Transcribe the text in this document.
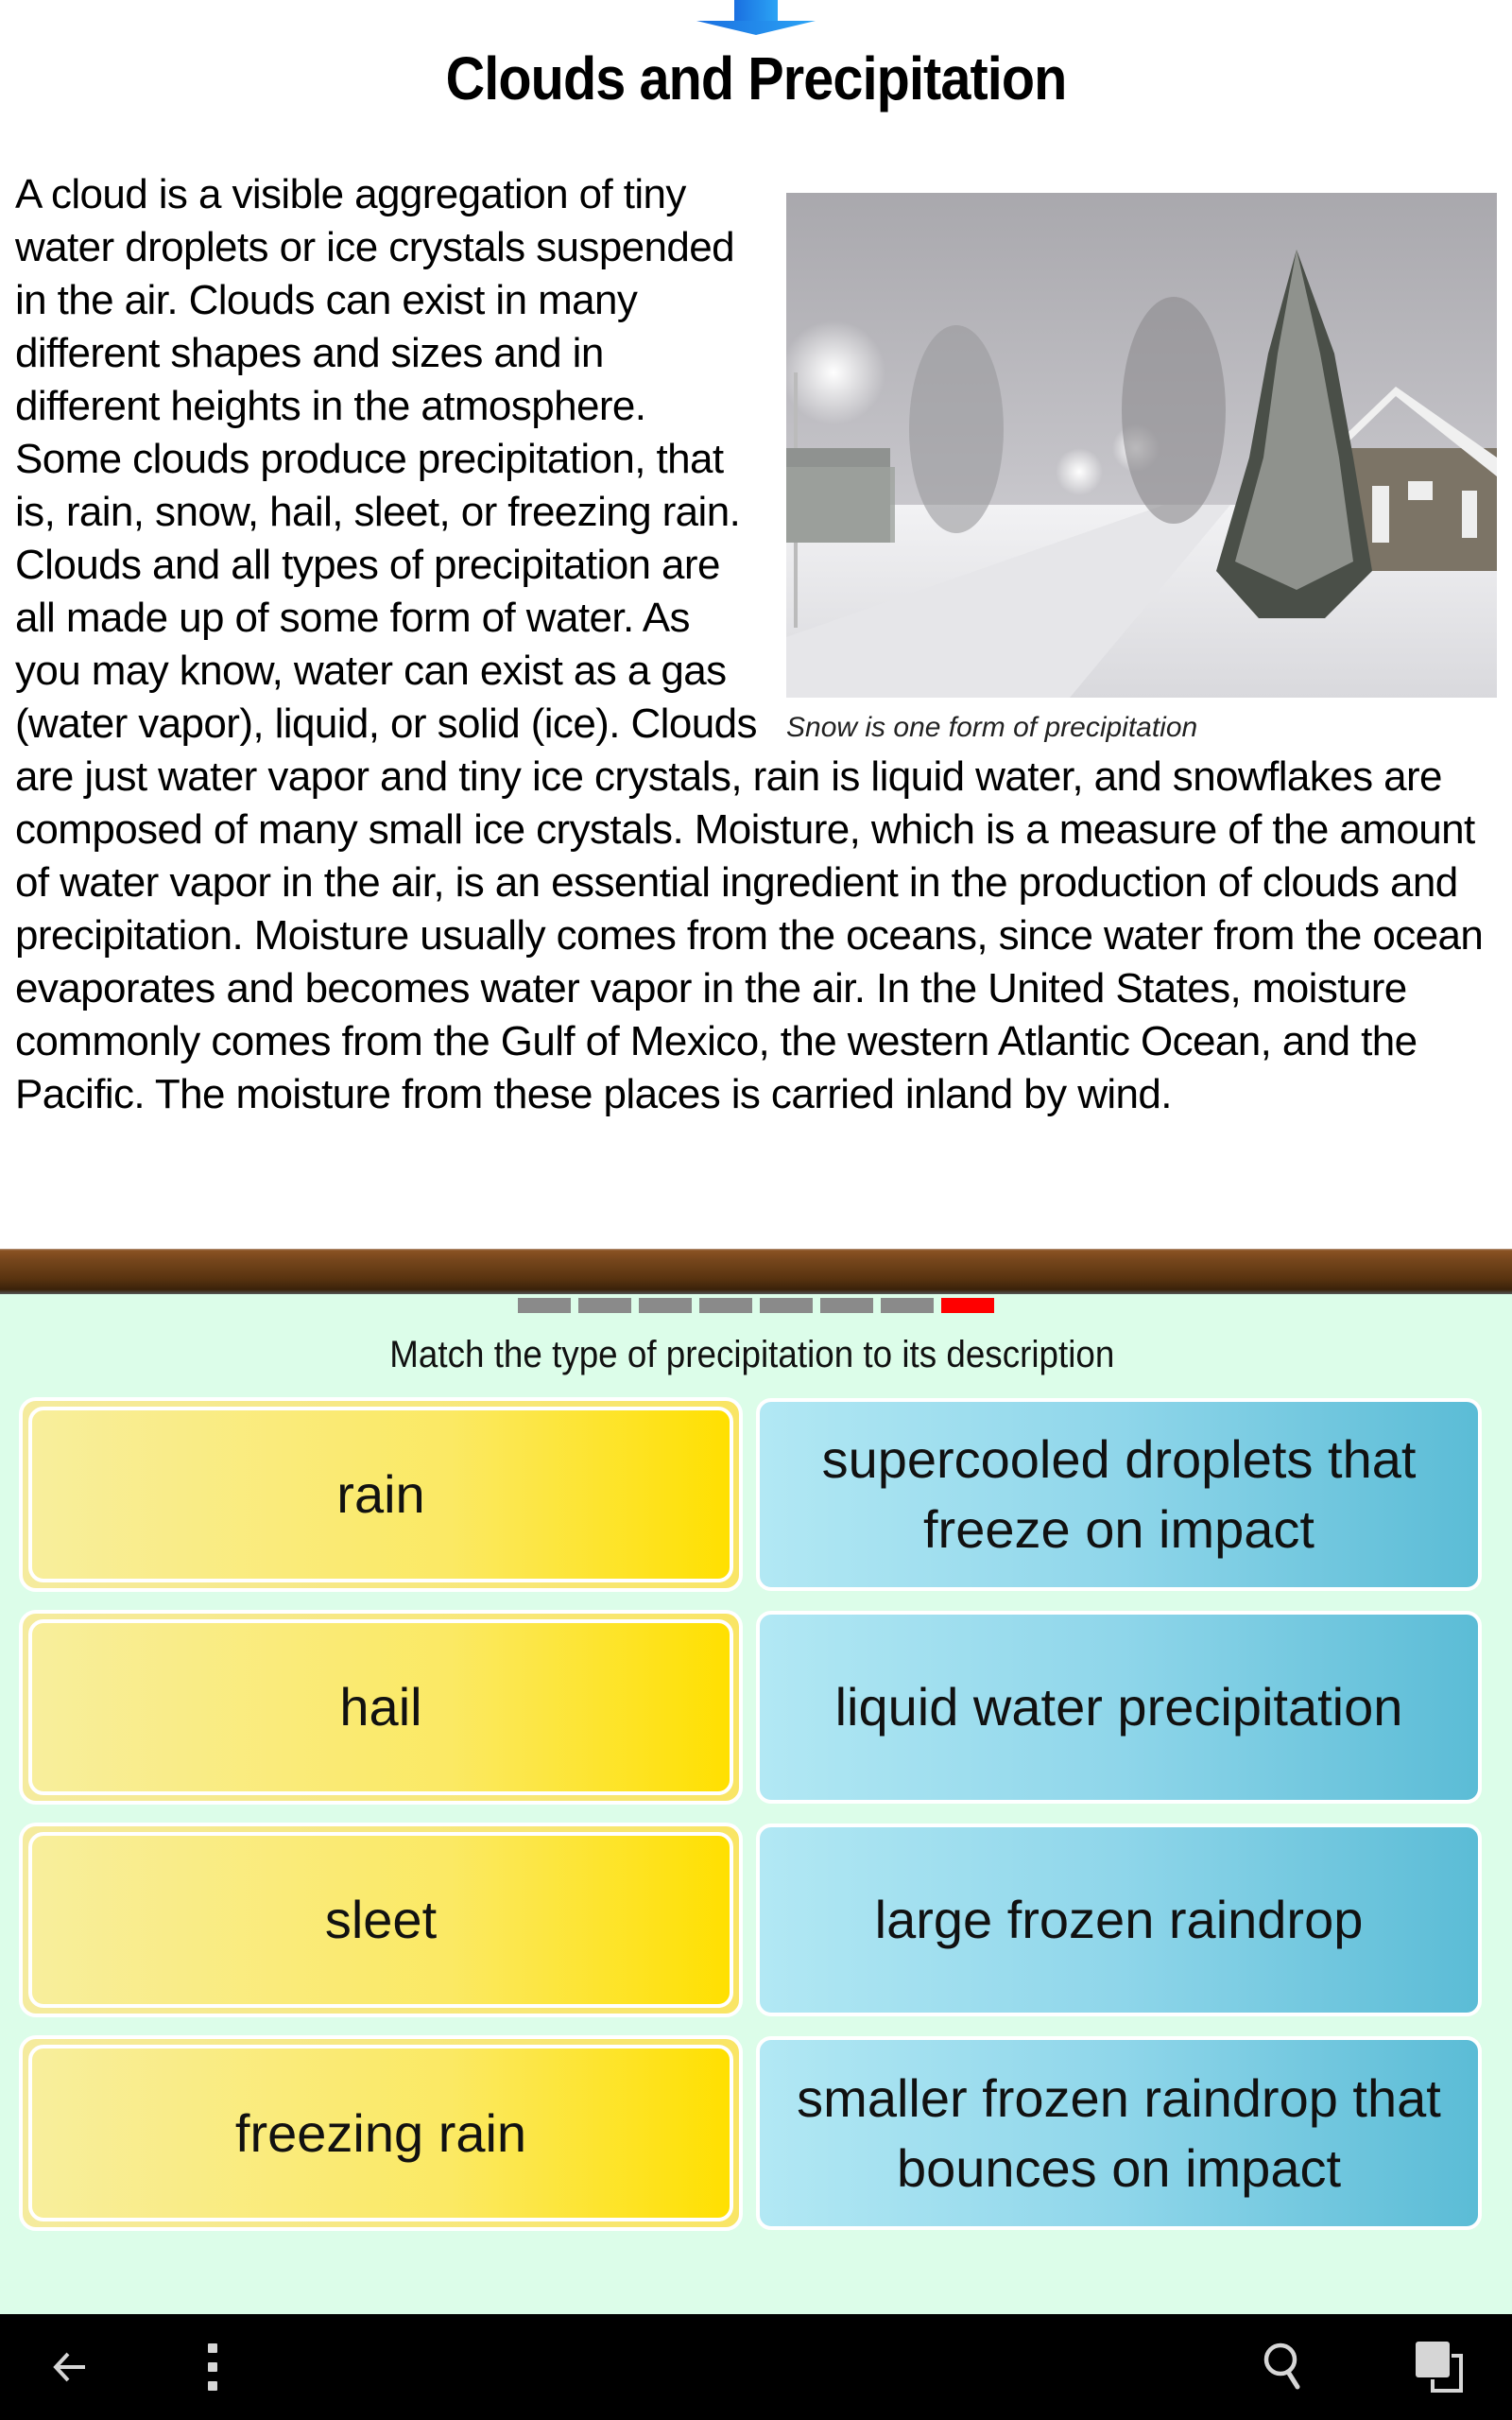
Clouds and Precipitation
Snow is one form of precipitation

A cloud is a visible aggregation of tiny water droplets or ice crystals suspended in the air. Clouds can exist in many different shapes and sizes and in different heights in the atmosphere. Some clouds produce precipitation, that is, rain, snow, hail, sleet, or freezing rain. Clouds and all types of precipitation are all made up of some form of water. As you may know, water can exist as a gas (water vapor), liquid, or solid (ice). Clouds are just water vapor and tiny ice crystals, rain is liquid water, and snowflakes are composed of many small ice crystals. Moisture, which is a measure of the amount of water vapor in the air, is an essential ingredient in the production of clouds and precipitation. Moisture usually comes from the oceans, since water from the ocean evaporates and becomes water vapor in the air. In the United States, moisture commonly comes from the Gulf of Mexico, the western Atlantic Ocean, and the Pacific. The moisture from these places is carried inland by wind.

Match the type of precipitation to its description
rain
hail
sleet
freezing rain
supercooled droplets that freeze on impact
liquid water precipitation
large frozen raindrop
smaller frozen raindrop that bounces on impact
